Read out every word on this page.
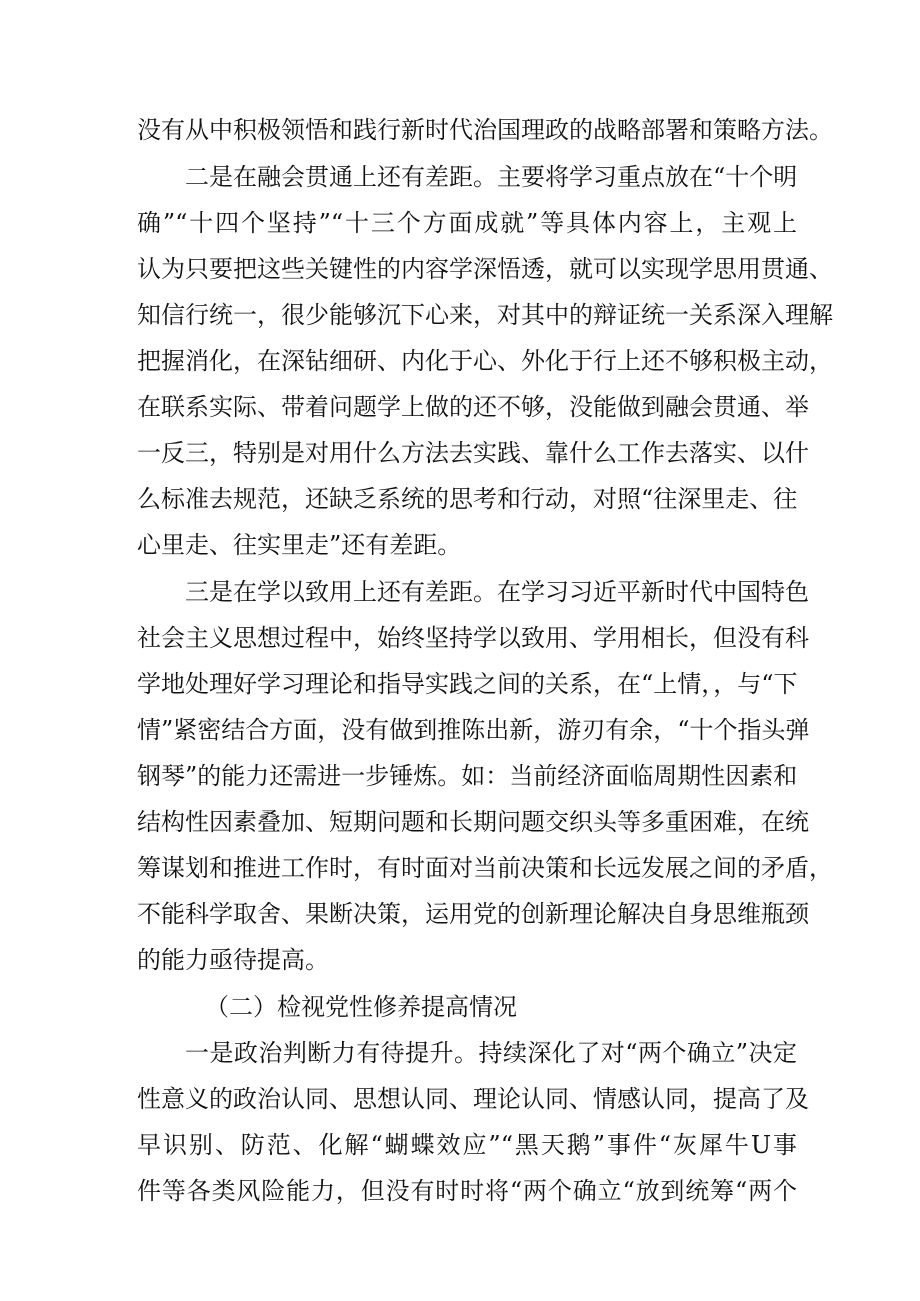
没有从中积极领悟和践行新时代治国理政的战略部署和策略方法。
二是在融会贯通上还有差距。主要将学习重点放在“十个明
确”“十四个坚持”“十三个方面成就”等具体内容上，主观上
认为只要把这些关键性的内容学深悟透，就可以实现学思用贯通、
知信行统一，很少能够沉下心来，对其中的辩证统一关系深入理解
把握消化，在深钻细研、内化于心、外化于行上还不够积极主动，
在联系实际、带着问题学上做的还不够，没能做到融会贯通、举
一反三，特别是对用什么方法去实践、靠什么工作去落实、以什
么标准去规范，还缺乏系统的思考和行动，对照“往深里走、往
心里走、往实里走”还有差距。
三是在学以致用上还有差距。在学习习近平新时代中国特色
社会主义思想过程中，始终坚持学以致用、学用相长，但没有科
学地处理好学习理论和指导实践之间的关系，在“上情，，与“下
情”紧密结合方面，没有做到推陈出新，游刃有余，“十个指头弹
钢琴”的能力还需进一步锤炼。如：当前经济面临周期性因素和
结构性因素叠加、短期问题和长期问题交织头等多重困难，在统
筹谋划和推进工作时，有时面对当前决策和长远发展之间的矛盾，
不能科学取舍、果断决策，运用党的创新理论解决自身思维瓶颈
的能力亟待提高。
（二）检视党性修养提高情况
一是政治判断力有待提升。持续深化了对“两个确立”决定
性意义的政治认同、思想认同、理论认同、情感认同，提高了及
早识别、防范、化解“蝴蝶效应”“黑天鹅”事件“灰犀牛U事
件等各类风险能力，但没有时时将“两个确立“放到统筹“两个
